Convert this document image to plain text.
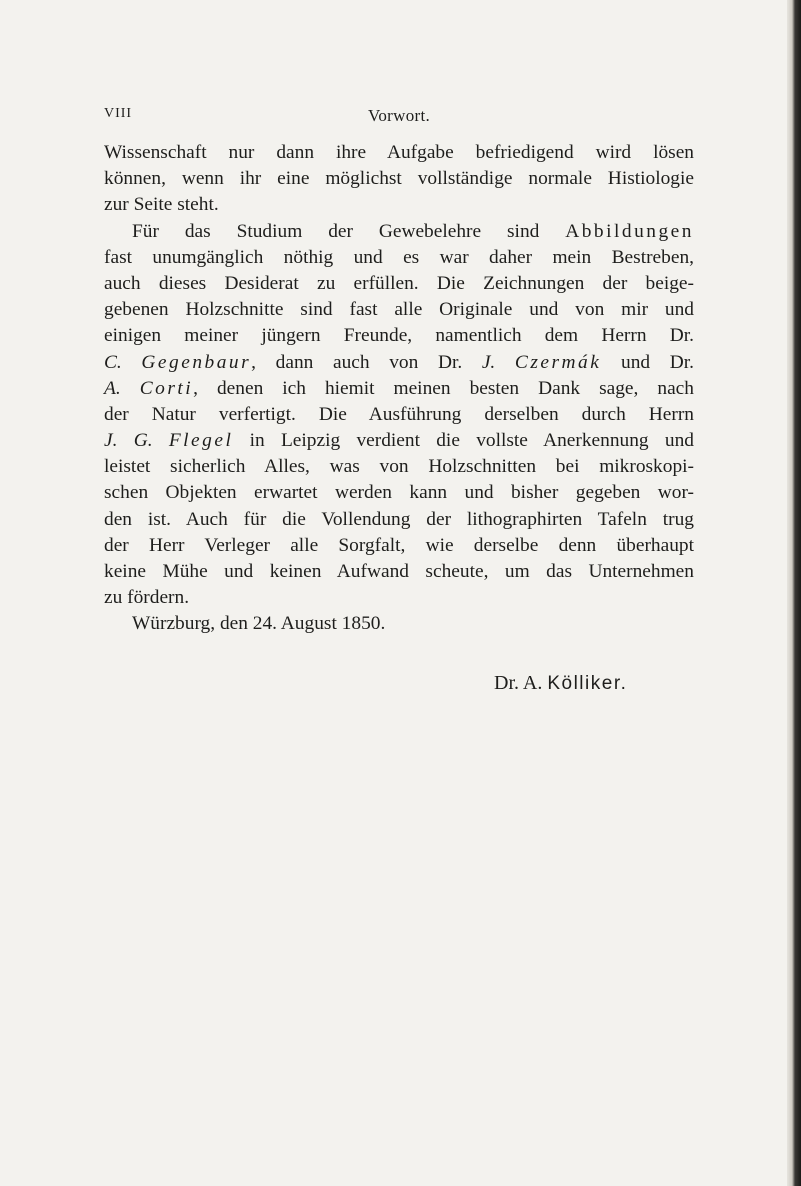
VIII	Vorwort.
Wissenschaft nur dann ihre Aufgabe befriedigend wird lösen
können, wenn ihr eine möglichst vollständige normale Histiologie
zur Seite steht.
Für das Studium der Gewebelehre sind Abbildungen
fast unumgänglich nöthig und es war daher mein Bestreben,
auch dieses Desiderat zu erfüllen. Die Zeichnungen der beige-
gebenen Holzschnitte sind fast alle Originale und von mir und
einigen meiner jüngern Freunde, namentlich dem Herrn Dr.
C. Gegenbaur, dann auch von Dr. J. Czermák und Dr.
A. Corti, denen ich hiemit meinen besten Dank sage, nach
der Natur verfertigt. Die Ausführung derselben durch Herrn
J. G. Flegel in Leipzig verdient die vollste Anerkennung und
leistet sicherlich Alles, was von Holzschnitten bei mikroskopi-
schen Objekten erwartet werden kann und bisher gegeben wor-
den ist. Auch für die Vollendung der lithographirten Tafeln trug
der Herr Verleger alle Sorgfalt, wie derselbe denn überhaupt
keine Mühe und keinen Aufwand scheute, um das Unternehmen
zu fördern.
Würzburg, den 24. August 1850.
Dr. A. Kölliker.
